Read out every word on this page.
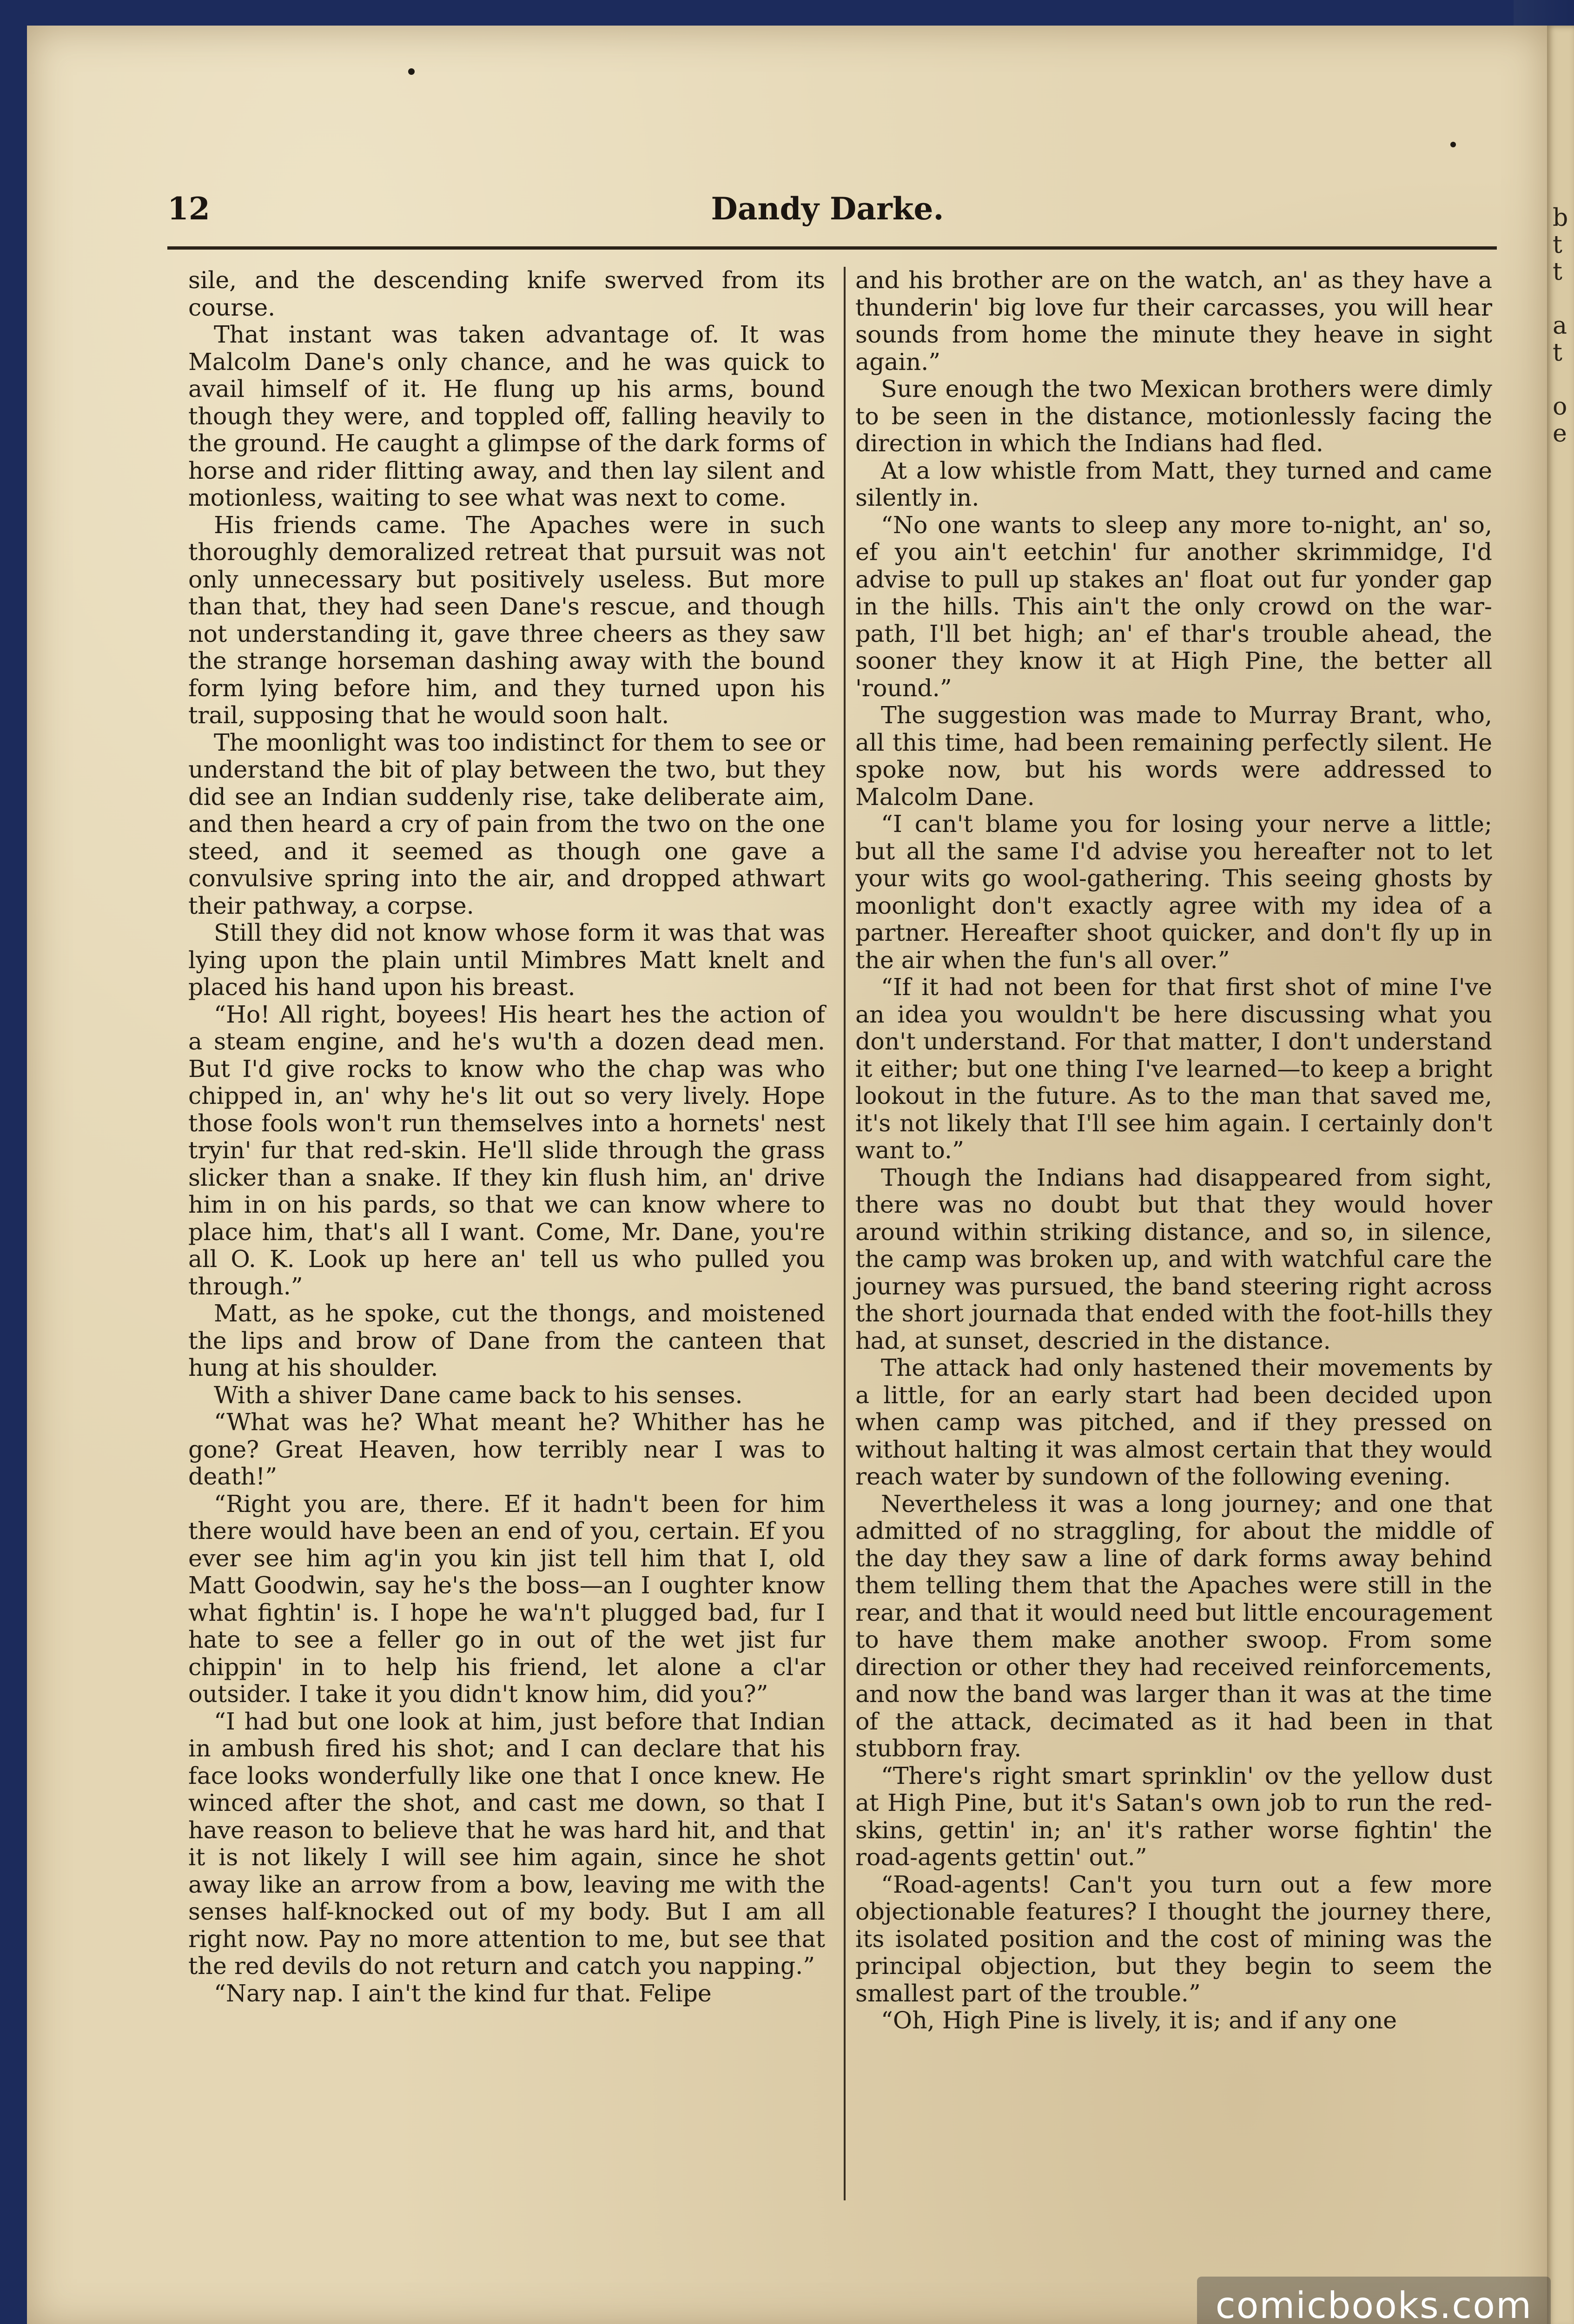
b
t
t
a
t
o
e
12	Dandy Darke.

sile, and the descending knife swerved from its course.

That instant was taken advantage of. It was Malcolm Dane's only chance, and he was quick to avail himself of it. He flung up his arms, bound though they were, and toppled off, falling heavily to the ground. He caught a glimpse of the dark forms of horse and rider flitting away, and then lay silent and motionless, waiting to see what was next to come.

His friends came. The Apaches were in such thoroughly demoralized retreat that pursuit was not only unnecessary but positively useless. But more than that, they had seen Dane's rescue, and though not understanding it, gave three cheers as they saw the strange horseman dashing away with the bound form lying before him, and they turned upon his trail, supposing that he would soon halt.

The moonlight was too indistinct for them to see or understand the bit of play between the two, but they did see an Indian suddenly rise, take deliberate aim, and then heard a cry of pain from the two on the one steed, and it seemed as though one gave a convulsive spring into the air, and dropped athwart their pathway, a corpse.

Still they did not know whose form it was that was lying upon the plain until Mimbres Matt knelt and placed his hand upon his breast.

“Ho! All right, boyees! His heart hes the action of a steam engine, and he's wu'th a dozen dead men. But I'd give rocks to know who the chap was who chipped in, an' why he's lit out so very lively. Hope those fools won't run themselves into a hornets' nest tryin' fur that red-skin. He'll slide through the grass slicker than a snake. If they kin flush him, an' drive him in on his pards, so that we can know where to place him, that's all I want. Come, Mr. Dane, you're all O. K. Look up here an' tell us who pulled you through.”

Matt, as he spoke, cut the thongs, and moistened the lips and brow of Dane from the canteen that hung at his shoulder.

With a shiver Dane came back to his senses.

“What was he? What meant he? Whither has he gone? Great Heaven, how terribly near I was to death!”

“Right you are, there. Ef it hadn't been for him there would have been an end of you, certain. Ef you ever see him ag'in you kin jist tell him that I, old Matt Goodwin, say he's the boss—an I oughter know what fightin' is. I hope he wa'n't plugged bad, fur I hate to see a feller go in out of the wet jist fur chippin' in to help his friend, let alone a cl'ar outsider. I take it you didn't know him, did you?”

“I had but one look at him, just before that Indian in ambush fired his shot; and I can declare that his face looks wonderfully like one that I once knew. He winced after the shot, and cast me down, so that I have reason to believe that he was hard hit, and that it is not likely I will see him again, since he shot away like an arrow from a bow, leaving me with the senses half-knocked out of my body. But I am all right now. Pay no more attention to me, but see that the red devils do not return and catch you napping.”

“Nary nap. I ain't the kind fur that. Felipe

and his brother are on the watch, an' as they have a thunderin' big love fur their carcasses, you will hear sounds from home the minute they heave in sight again.”

Sure enough the two Mexican brothers were dimly to be seen in the distance, motionlessly facing the direction in which the Indians had fled.

At a low whistle from Matt, they turned and came silently in.

“No one wants to sleep any more to-night, an' so, ef you ain't eetchin' fur another skrimmidge, I'd advise to pull up stakes an' float out fur yonder gap in the hills. This ain't the only crowd on the war-path, I'll bet high; an' ef thar's trouble ahead, the sooner they know it at High Pine, the better all 'round.”

The suggestion was made to Murray Brant, who, all this time, had been remaining perfectly silent. He spoke now, but his words were addressed to Malcolm Dane.

“I can't blame you for losing your nerve a little; but all the same I'd advise you hereafter not to let your wits go wool-gathering. This seeing ghosts by moonlight don't exactly agree with my idea of a partner. Hereafter shoot quicker, and don't fly up in the air when the fun's all over.”

“If it had not been for that first shot of mine I've an idea you wouldn't be here discussing what you don't understand. For that matter, I don't understand it either; but one thing I've learned—to keep a bright lookout in the future. As to the man that saved me, it's not likely that I'll see him again. I certainly don't want to.”

Though the Indians had disappeared from sight, there was no doubt but that they would hover around within striking distance, and so, in silence, the camp was broken up, and with watchful care the journey was pursued, the band steering right across the short journada that ended with the foot-hills they had, at sunset, descried in the distance.

The attack had only hastened their movements by a little, for an early start had been decided upon when camp was pitched, and if they pressed on without halting it was almost certain that they would reach water by sundown of the following evening.

Nevertheless it was a long journey; and one that admitted of no straggling, for about the middle of the day they saw a line of dark forms away behind them telling them that the Apaches were still in the rear, and that it would need but little encouragement to have them make another swoop. From some direction or other they had received reinforcements, and now the band was larger than it was at the time of the attack, decimated as it had been in that stubborn fray.

“There's right smart sprinklin' ov the yellow dust at High Pine, but it's Satan's own job to run the red-skins, gettin' in; an' it's rather worse fightin' the road-agents gettin' out.”

“Road-agents! Can't you turn out a few more objectionable features? I thought the journey there, its isolated position and the cost of mining was the principal objection, but they begin to seem the smallest part of the trouble.”

“Oh, High Pine is lively, it is; and if any one

comicbooks.com
